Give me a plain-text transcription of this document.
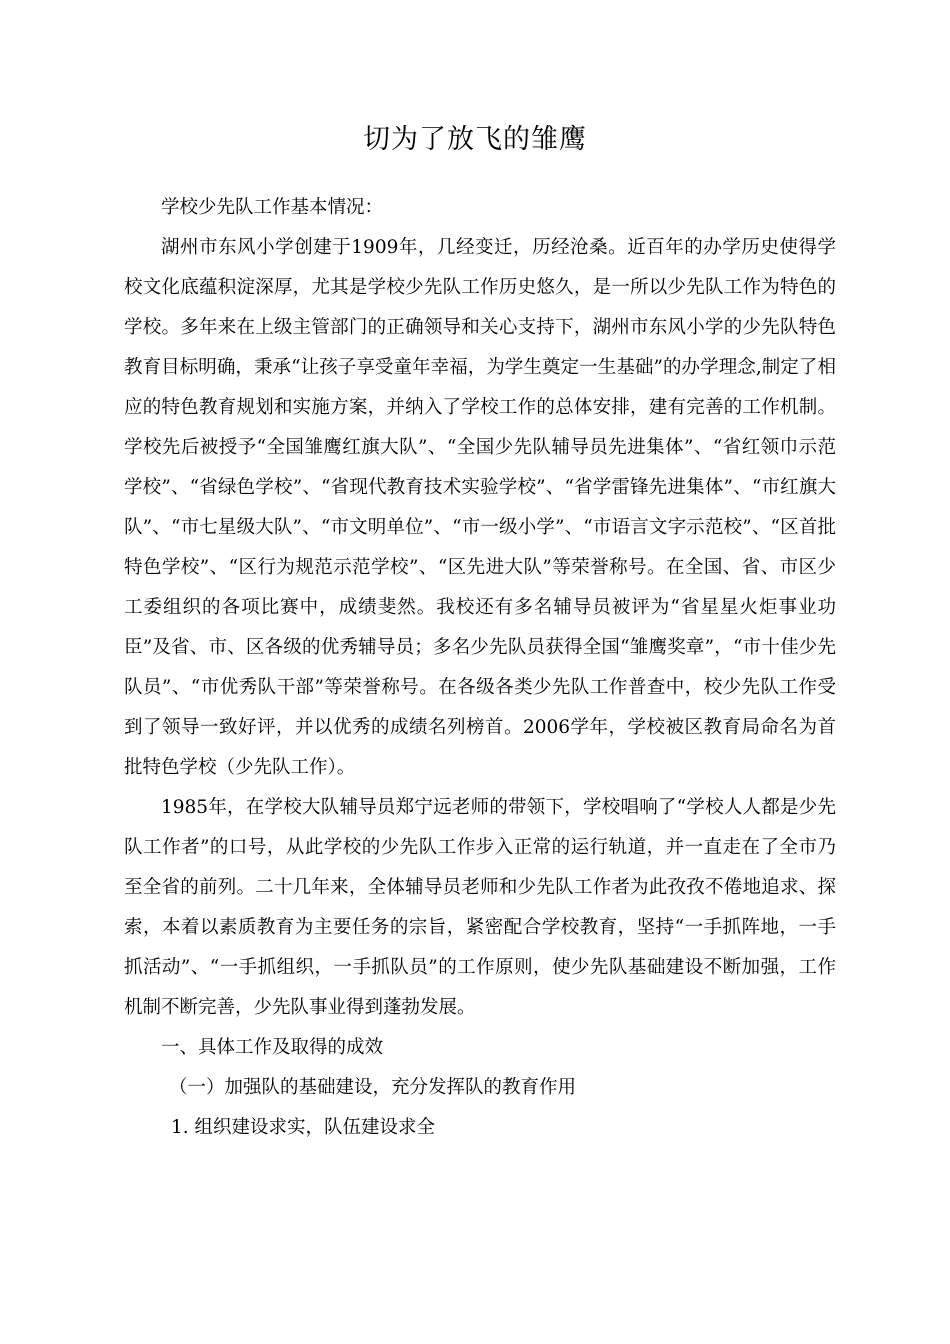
切为了放飞的雏鹰

学校少先队工作基本情况：

湖州市东风小学创建于1909年，几经变迁，历经沧桑。近百年的办学历史使得学校文化底蕴积淀深厚，尤其是学校少先队工作历史悠久，是一所以少先队工作为特色的学校。多年来在上级主管部门的正确领导和关心支持下，湖州市东风小学的少先队特色教育目标明确，秉承“让孩子享受童年幸福，为学生奠定一生基础”的办学理念,制定了相应的特色教育规划和实施方案，并纳入了学校工作的总体安排，建有完善的工作机制。学校先后被授予“全国雏鹰红旗大队”、“全国少先队辅导员先进集体”、“省红领巾示范学校”、“省绿色学校”、“省现代教育技术实验学校”、“省学雷锋先进集体”、“市红旗大队”、“市七星级大队”、“市文明单位”、“市一级小学”、“市语言文字示范校”、“区首批特色学校”、“区行为规范示范学校”、“区先进大队”等荣誉称号。在全国、省、市区少工委组织的各项比赛中，成绩斐然。我校还有多名辅导员被评为“省星星火炬事业功臣”及省、市、区各级的优秀辅导员；多名少先队员获得全国“雏鹰奖章”，“市十佳少先队员”、“市优秀队干部”等荣誉称号。在各级各类少先队工作普查中，校少先队工作受到了领导一致好评，并以优秀的成绩名列榜首。2006学年，学校被区教育局命名为首批特色学校（少先队工作）。

1985年，在学校大队辅导员郑宁远老师的带领下，学校唱响了“学校人人都是少先队工作者”的口号，从此学校的少先队工作步入正常的运行轨道，并一直走在了全市乃至全省的前列。二十几年来，全体辅导员老师和少先队工作者为此孜孜不倦地追求、探索，本着以素质教育为主要任务的宗旨，紧密配合学校教育，坚持“一手抓阵地，一手抓活动”、“一手抓组织，一手抓队员”的工作原则，使少先队基础建设不断加强，工作机制不断完善，少先队事业得到蓬勃发展。

一、具体工作及取得的成效

（一）加强队的基础建设，充分发挥队的教育作用

1. 组织建设求实，队伍建设求全
